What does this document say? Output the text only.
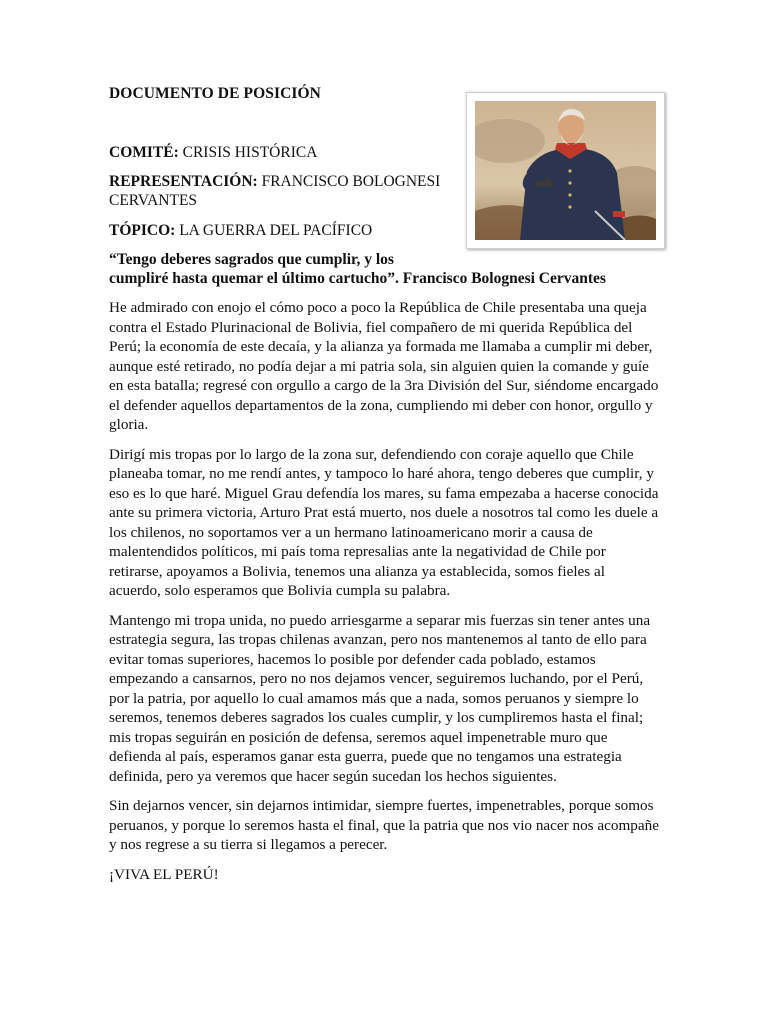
DOCUMENTO DE POSICIÓN
COMITÉ: CRISIS HISTÓRICA
REPRESENTACIÓN: FRANCISCO BOLOGNESI CERVANTES
TÓPICO: LA GUERRA DEL PACÍFICO
“Tengo deberes sagrados que cumplir, y los
cumpliré hasta quemar el último cartucho”. Francisco Bolognesi Cervantes

He admirado con enojo el cómo poco a poco la República de Chile presentaba una queja contra el Estado Plurinacional de Bolivia, fiel compañero de mi querida República del Perú; la economía de este decaía, y la alianza ya formada me llamaba a cumplir mi deber, aunque esté retirado, no podía dejar a mi patria sola, sin alguien quien la comande y guíe en esta batalla; regresé con orgullo a cargo de la 3ra División del Sur, siéndome encargado el defender aquellos departamentos de la zona, cumpliendo mi deber con honor, orgullo y gloria.

Dirigí mis tropas por lo largo de la zona sur, defendiendo con coraje aquello que Chile planeaba tomar, no me rendí antes, y tampoco lo haré ahora, tengo deberes que cumplir, y eso es lo que haré. Miguel Grau defendía los mares, su fama empezaba a hacerse conocida ante su primera victoria, Arturo Prat está muerto, nos duele a nosotros tal como les duele a los chilenos, no soportamos ver a un hermano latinoamericano morir a causa de malentendidos políticos, mi país toma represalias ante la negatividad de Chile por retirarse, apoyamos a Bolivia, tenemos una alianza ya establecida, somos fieles al acuerdo, solo esperamos que Bolivia cumpla su palabra.

Mantengo mi tropa unida, no puedo arriesgarme a separar mis fuerzas sin tener antes una estrategia segura, las tropas chilenas avanzan, pero nos mantenemos al tanto de ello para evitar tomas superiores, hacemos lo posible por defender cada poblado, estamos empezando a cansarnos, pero no nos dejamos vencer, seguiremos luchando, por el Perú, por la patria, por aquello lo cual amamos más que a nada, somos peruanos y siempre lo seremos, tenemos deberes sagrados los cuales cumplir, y los cumpliremos hasta el final; mis tropas seguirán en posición de defensa, seremos aquel impenetrable muro que defienda al país, esperamos ganar esta guerra, puede que no tengamos una estrategia definida, pero ya veremos que hacer según sucedan los hechos siguientes.

Sin dejarnos vencer, sin dejarnos intimidar, siempre fuertes, impenetrables, porque somos peruanos, y porque lo seremos hasta el final, que la patria que nos vio nacer nos acompañe y nos regrese a su tierra si llegamos a perecer.

¡VIVA EL PERÚ!
